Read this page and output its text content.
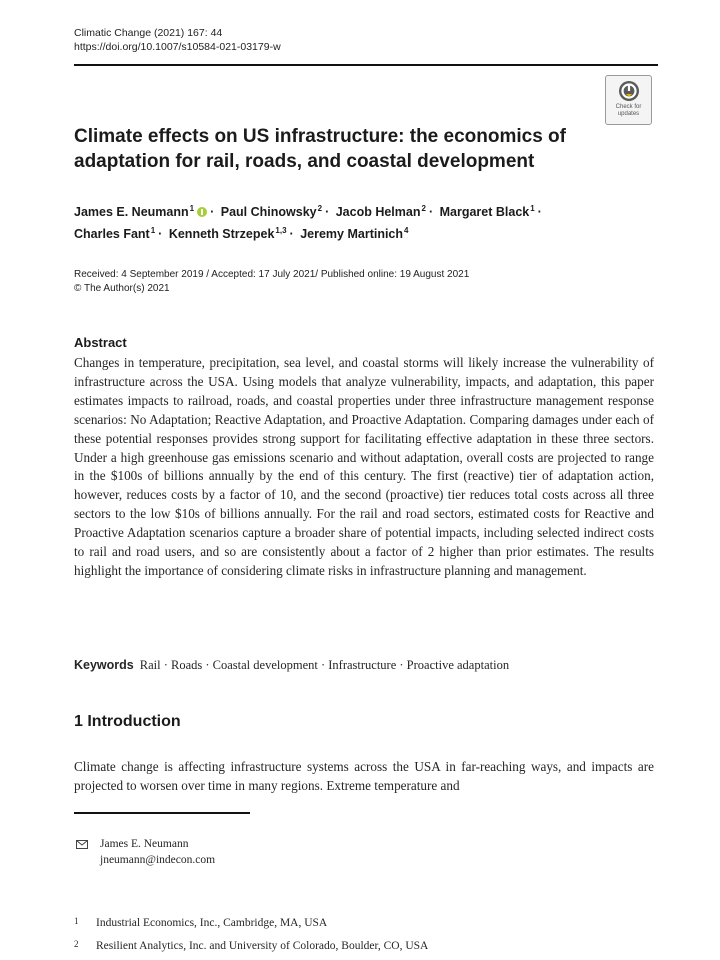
Climatic Change (2021) 167: 44
https://doi.org/10.1007/s10584-021-03179-w
Check for
updates
Climate effects on US infrastructure: the economics of adaptation for rail, roads, and coastal development
James E. Neumann$^1$ · Paul Chinowsky$^2$ · Jacob Helman$^2$ · Margaret Black$^1$ ·
Charles Fant$^1$ · Kenneth Strzepek$^{1,3}$ · Jeremy Martinich$^4$
Received: 4 September 2019 / Accepted: 17 July 2021/ Published online: 19 August 2021
© The Author(s) 2021
Abstract

Changes in temperature, precipitation, sea level, and coastal storms will likely increase the vulnerability of infrastructure across the USA. Using models that analyze vulnerability, impacts, and adaptation, this paper estimates impacts to railroad, roads, and coastal properties under three infrastructure management response scenarios: No Adaptation; Reactive Adaptation, and Proactive Adaptation. Comparing damages under each of these potential responses provides strong support for facilitating effective adaptation in these three sectors. Under a high greenhouse gas emissions scenario and without adaptation, overall costs are projected to range in the $100s of billions annually by the end of this century. The first (reactive) tier of adaptation action, however, reduces costs by a factor of 10, and the second (proactive) tier reduces total costs across all three sectors to the low $10s of billions annually. For the rail and road sectors, estimated costs for Reactive and Proactive Adaptation scenarios capture a broader share of potential impacts, including selected indirect costs to rail and road users, and so are consistently about a factor of 2 higher than prior estimates. The results highlight the importance of considering climate risks in infrastructure planning and management.

Keywords Rail · Roads · Coastal development · Infrastructure · Proactive adaptation
1 Introduction

Climate change is affecting infrastructure systems across the USA in far-reaching ways, and impacts are projected to worsen over time in many regions. Extreme temperature and

James E. Neumann
jneumann@indecon.com
1 Industrial Economics, Inc., Cambridge, MA, USA
2 Resilient Analytics, Inc. and University of Colorado, Boulder, CO, USA
